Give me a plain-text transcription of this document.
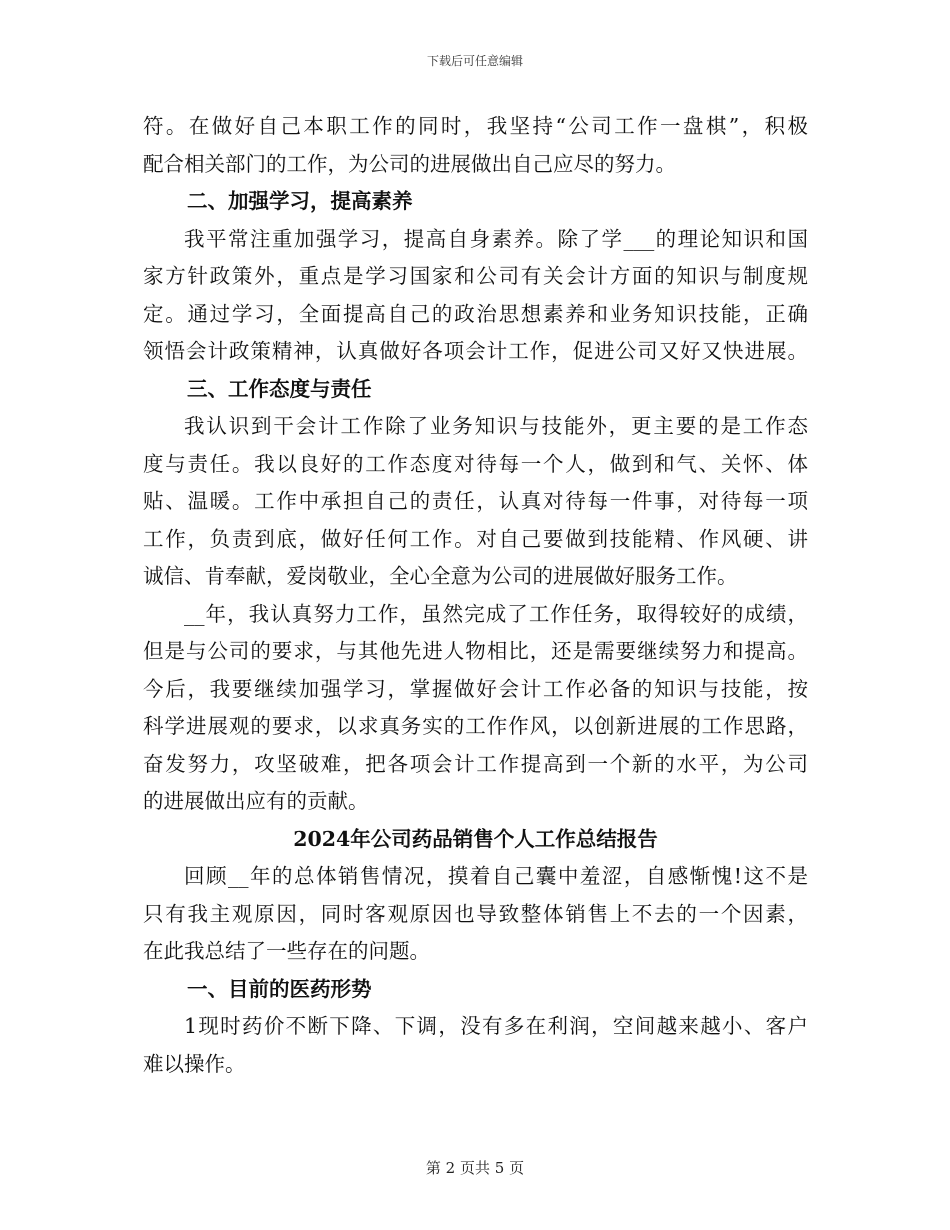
下载后可任意编辑
符。在做好自己本职工作的同时，我坚持“公司工作一盘棋”，积极
配合相关部门的工作，为公司的进展做出自己应尽的努力。
二、加强学习，提高素养
我平常注重加强学习，提高自身素养。除了学___的理论知识和国
家方针政策外，重点是学习国家和公司有关会计方面的知识与制度规
定。通过学习，全面提高自己的政治思想素养和业务知识技能，正确
领悟会计政策精神，认真做好各项会计工作，促进公司又好又快进展。
三、工作态度与责任
我认识到干会计工作除了业务知识与技能外，更主要的是工作态
度与责任。我以良好的工作态度对待每一个人，做到和气、关怀、体
贴、温暖。工作中承担自己的责任，认真对待每一件事，对待每一项
工作，负责到底，做好任何工作。对自己要做到技能精、作风硬、讲
诚信、肯奉献，爱岗敬业，全心全意为公司的进展做好服务工作。
__年，我认真努力工作，虽然完成了工作任务，取得较好的成绩，
但是与公司的要求，与其他先进人物相比，还是需要继续努力和提高。
今后，我要继续加强学习，掌握做好会计工作必备的知识与技能，按
科学进展观的要求，以求真务实的工作作风，以创新进展的工作思路，
奋发努力，攻坚破难，把各项会计工作提高到一个新的水平，为公司
的进展做出应有的贡献。
2024年公司药品销售个人工作总结报告
回顾__年的总体销售情况，摸着自己囊中羞涩，自感惭愧!这不是
只有我主观原因，同时客观原因也导致整体销售上不去的一个因素，
在此我总结了一些存在的问题。
一、目前的医药形势
1现时药价不断下降、下调，没有多在利润，空间越来越小、客户
难以操作。
第 2 页共 5 页
